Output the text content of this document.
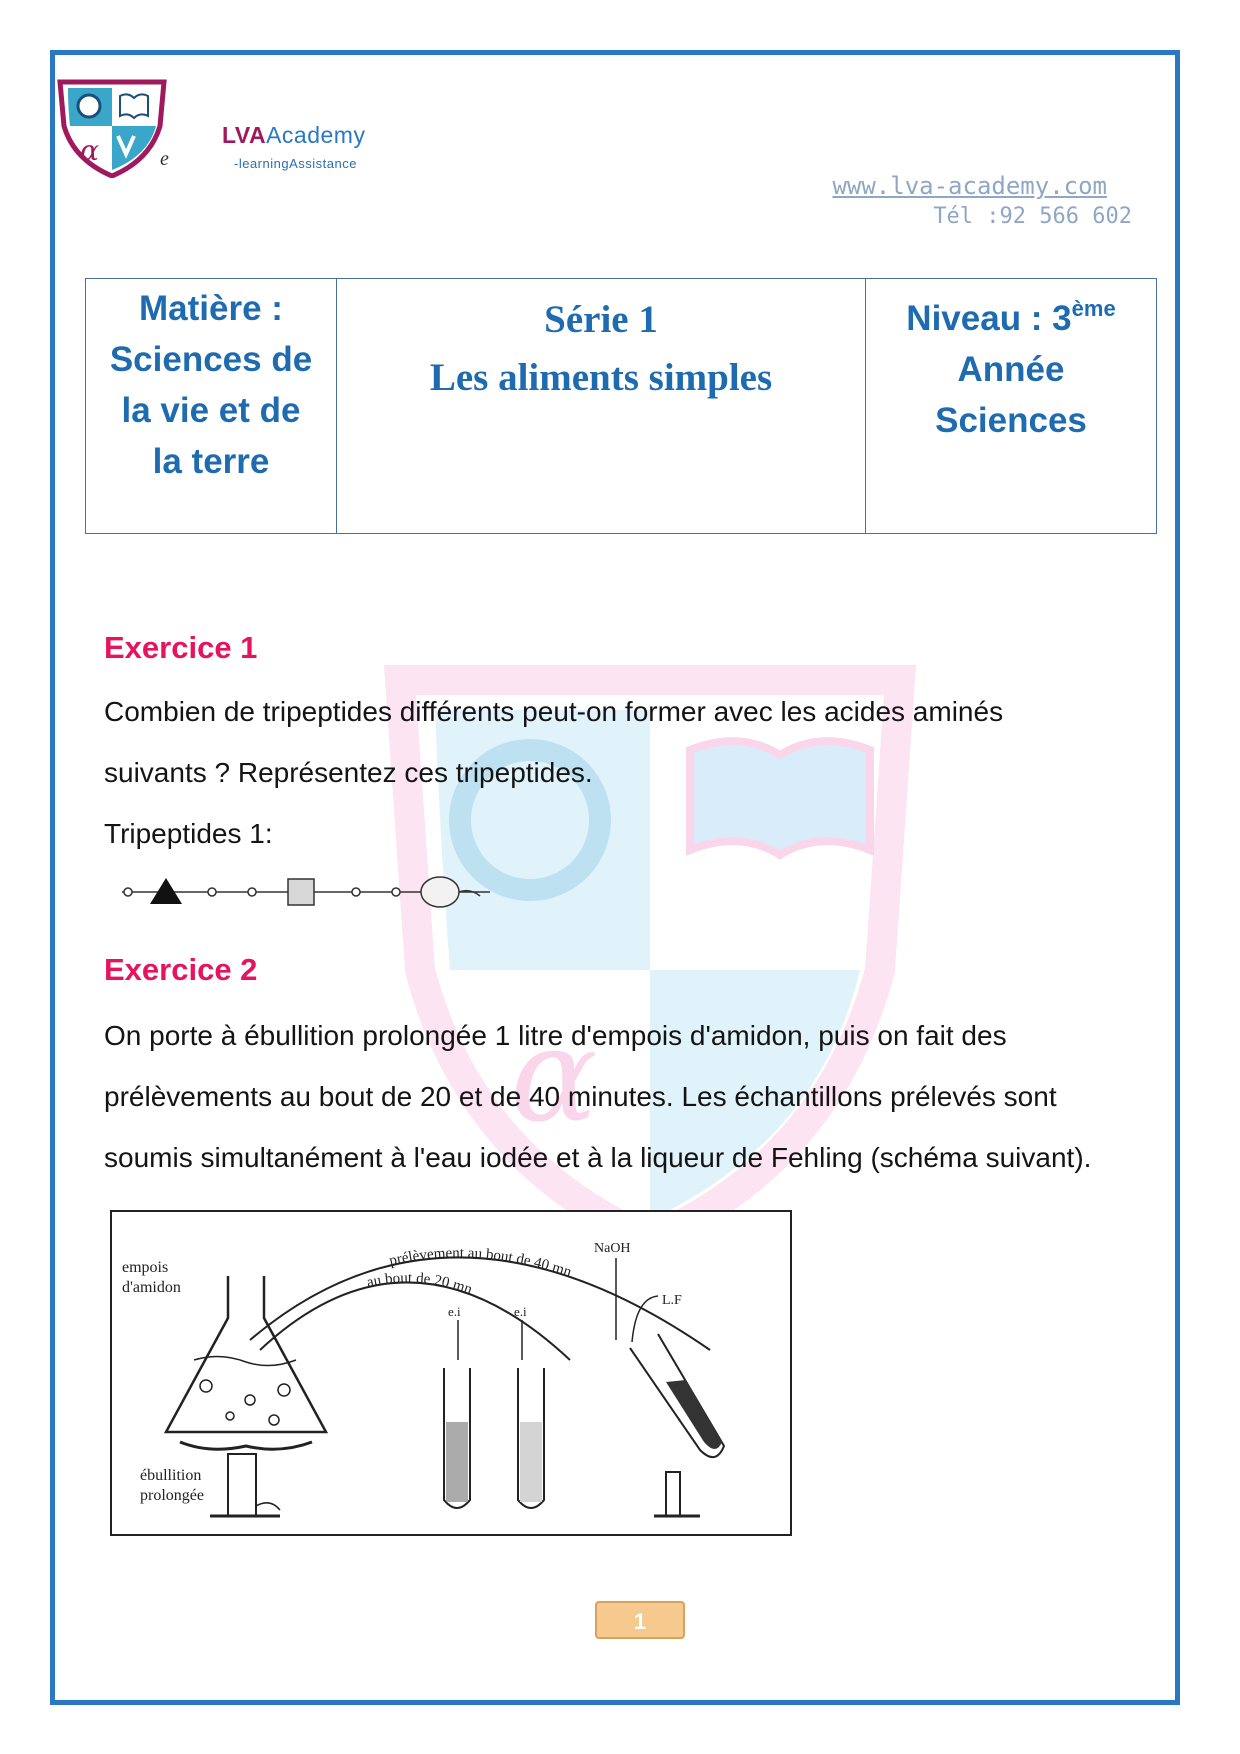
α
α	e
LVAAcademy
-learningAssistance
www.lva-academy.com
Tél :92 566 602
Matière :
Sciences de
la vie et de
la terre

Série 1
Les aliments simples

Niveau : 3ème
Année
Sciences
Exercice 1
Combien de tripeptides différents peut-on former avec les acides aminés
suivants ? Représentez ces tripeptides.
Tripeptides 1:
Exercice 2
On porte à ébullition prolongée 1 litre d'empois d'amidon, puis on fait des
prélèvements au bout de 20 et de 40 minutes. Les échantillons prélevés sont
soumis simultanément à l'eau iodée et à la liqueur de Fehling (schéma suivant).
empois
d'amidon
ébullition
prolongée
prélèvement au bout de 40 mn
au bout de 20 mn
e.i	e.i
NaOH
L.F
1
